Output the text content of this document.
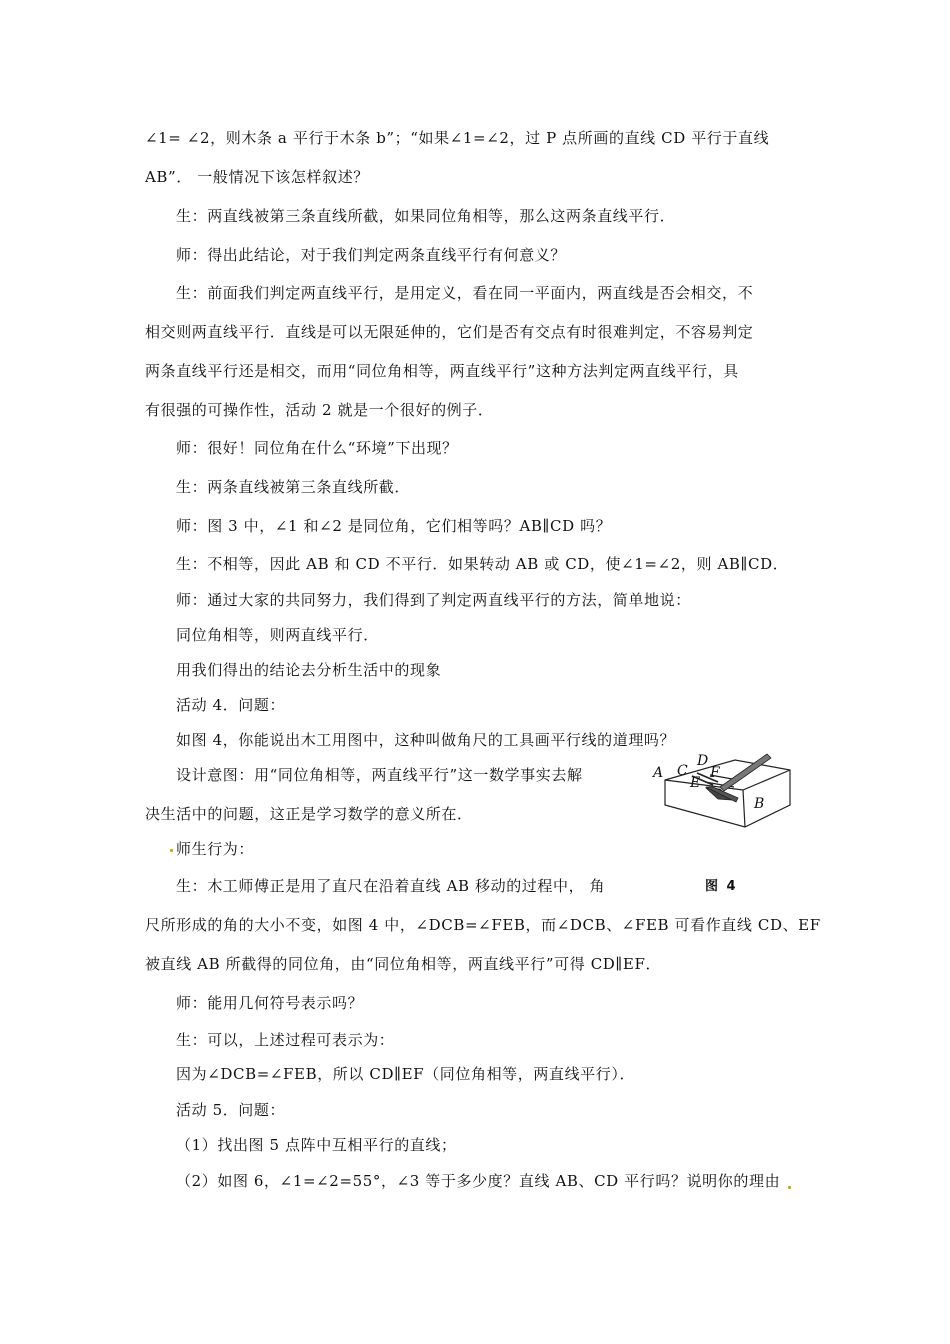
∠1= ∠2，则木条 a 平行于木条 b”；“如果∠1=∠2，过 P 点所画的直线 CD 平行于直线
AB”． 一般情况下该怎样叙述？
生：两直线被第三条直线所截，如果同位角相等，那么这两条直线平行．
师：得出此结论，对于我们判定两条直线平行有何意义？
生：前面我们判定两直线平行，是用定义，看在同一平面内，两直线是否会相交，不
相交则两直线平行．直线是可以无限延伸的，它们是否有交点有时很难判定，不容易判定
两条直线平行还是相交，而用“同位角相等，两直线平行”这种方法判定两直线平行，具
有很强的可操作性，活动 2 就是一个很好的例子．
师：很好！同位角在什么“环境”下出现？
生：两条直线被第三条直线所截．
师：图 3 中，∠1 和∠2 是同位角，它们相等吗？AB∥CD 吗？
生：不相等，因此 AB 和 CD 不平行．如果转动 AB 或 CD，使∠1=∠2，则 AB∥CD．
师：通过大家的共同努力，我们得到了判定两直线平行的方法，简单地说：
同位角相等，则两直线平行．
用我们得出的结论去分析生活中的现象
活动 4．问题：
如图 4，你能说出木工用图中，这种叫做角尺的工具画平行线的道理吗？
设计意图：用“同位角相等，两直线平行”这一数学事实去解
决生活中的问题，这正是学习数学的意义所在．
师生行为：
生：木工师傅正是用了直尺在沿着直线 AB 移动的过程中， 角
尺所形成的角的大小不变，如图 4 中，∠DCB=∠FEB，而∠DCB、∠FEB 可看作直线 CD、EF
被直线 AB 所截得的同位角，由“同位角相等，两直线平行”可得 CD∥EF．
师：能用几何符号表示吗？
生：可以，上述过程可表示为：
因为∠DCB=∠FEB，所以 CD∥EF（同位角相等，两直线平行）．
活动 5．问题：
（1）找出图 5 点阵中互相平行的直线；
（2）如图 6，∠1=∠2=55°，∠3 等于多少度？直线 AB、CD 平行吗？说明你的理由
A C
D
E
F
B
图 4
